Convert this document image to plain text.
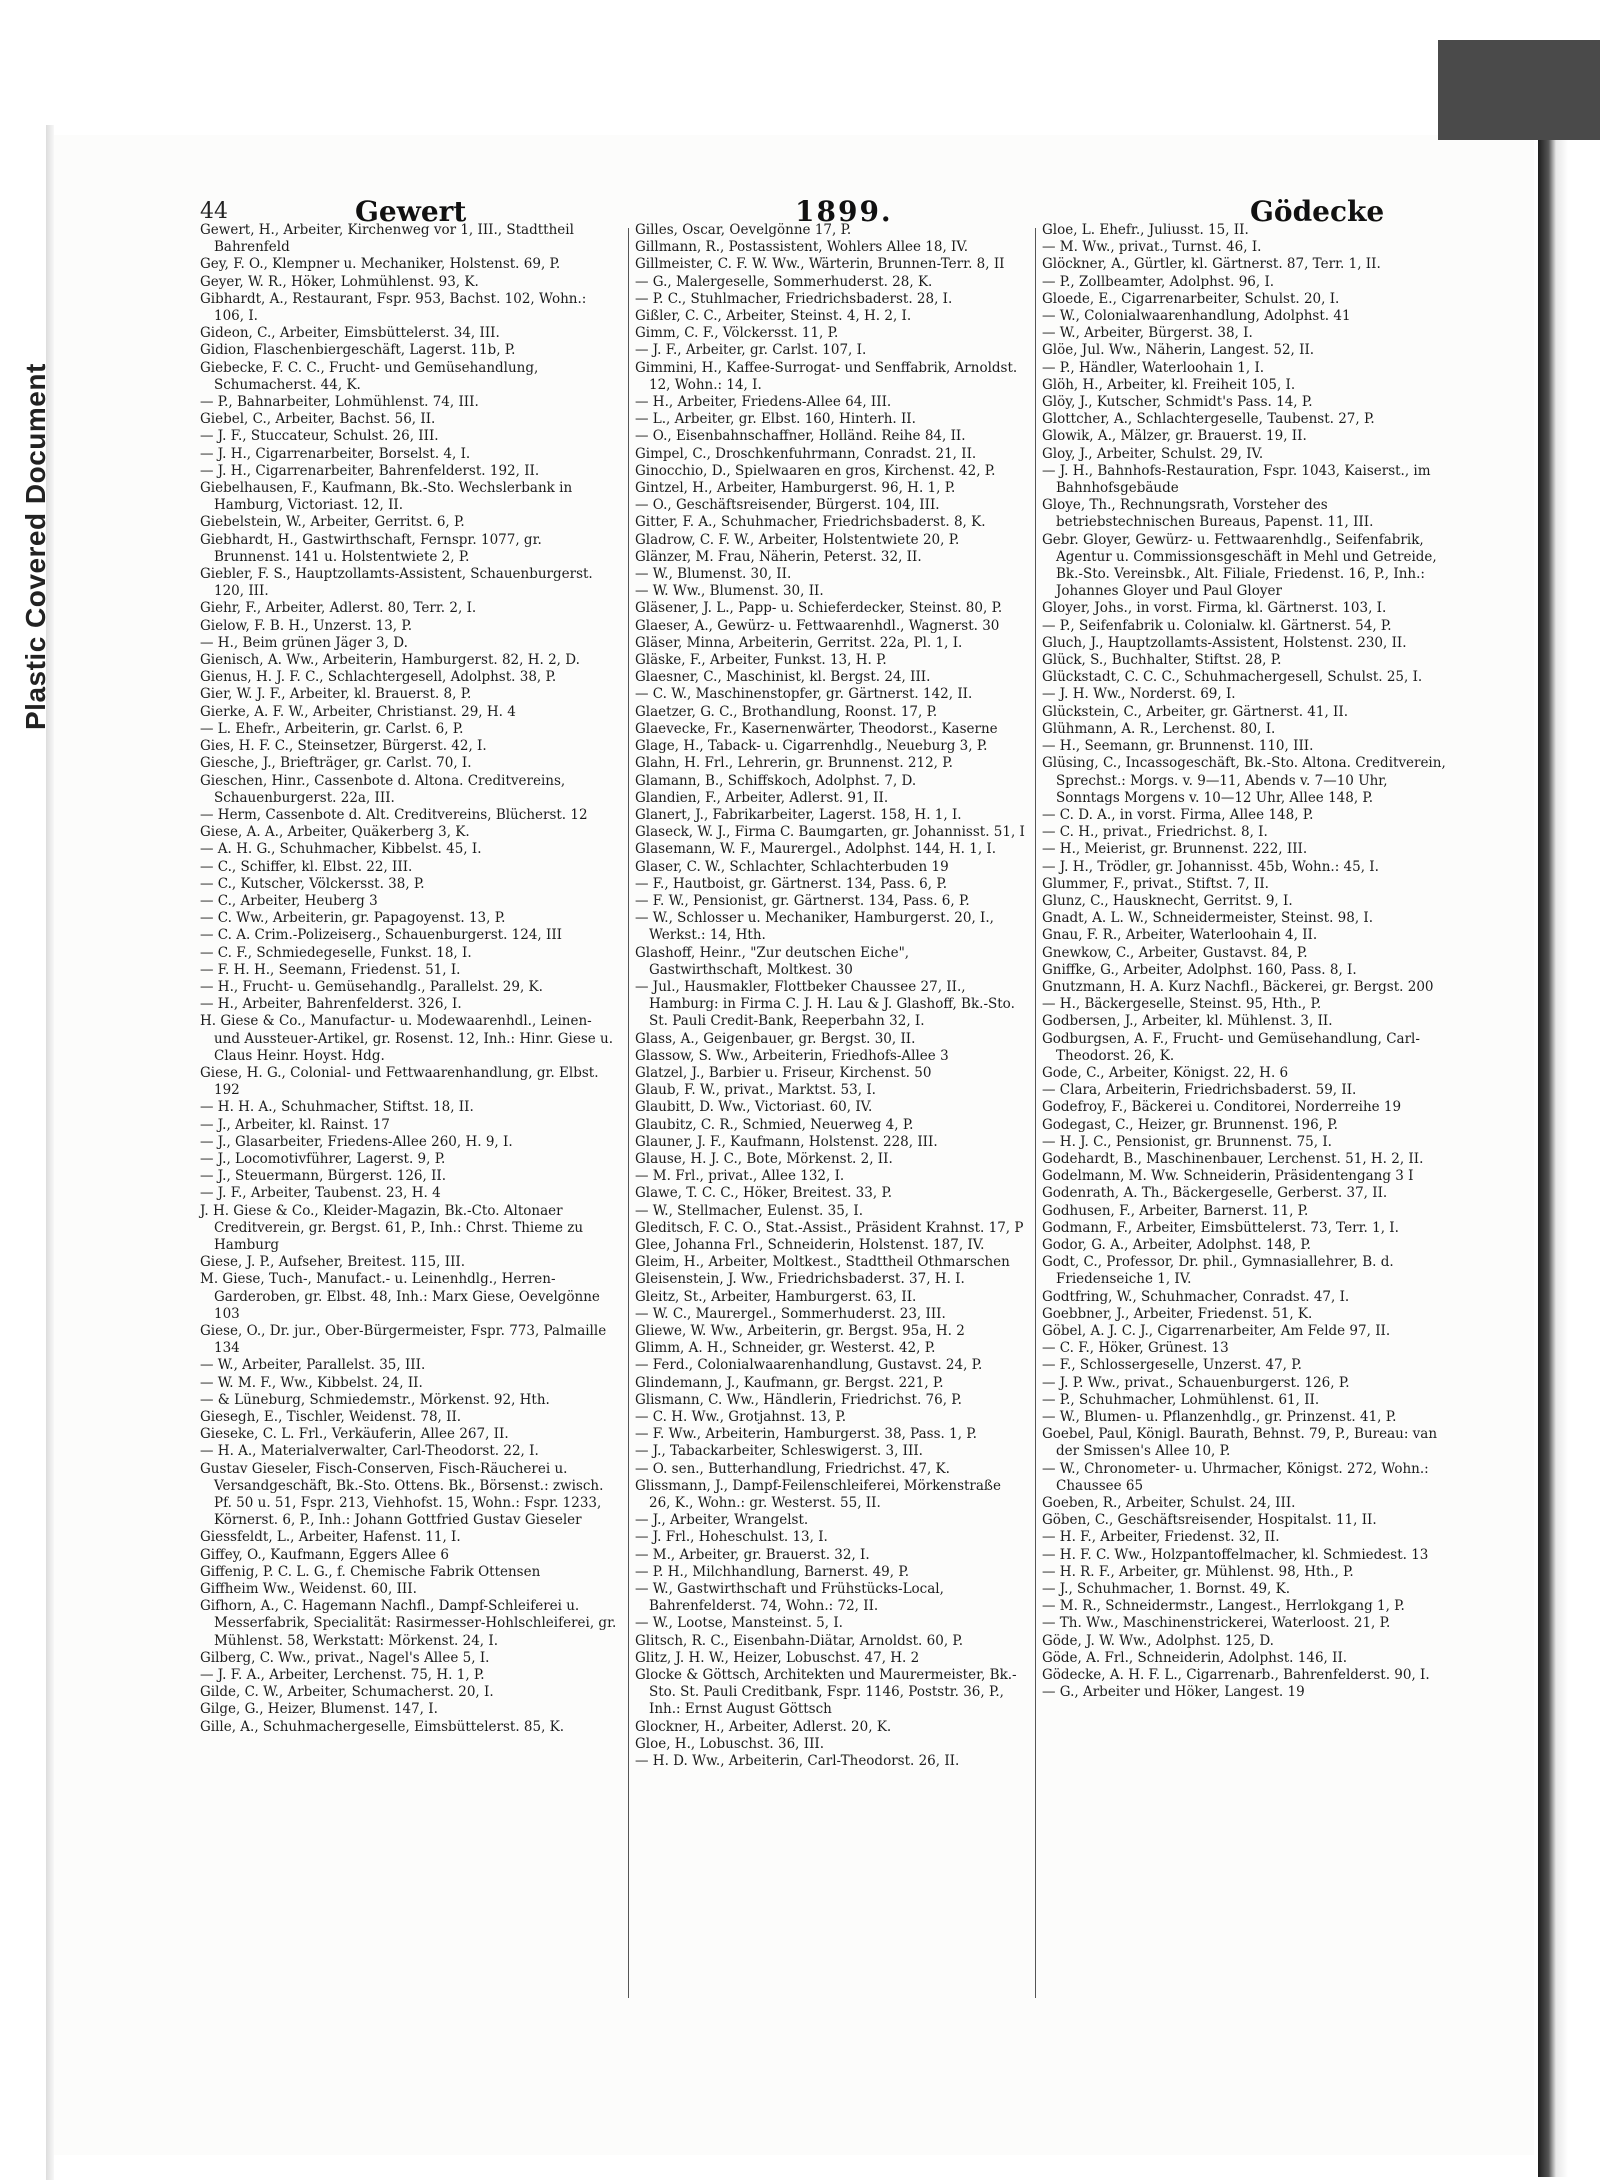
Plastic Covered Document
44	Gewert	1899.	Gödecke

Gewert, H., Arbeiter, Kirchenweg vor 1, III., Stadttheil Bahrenfeld

Gey, F. O., Klempner u. Mechaniker, Holstenst. 69, P.

Geyer, W. R., Höker, Lohmühlenst. 93, K.

Gibhardt, A., Restaurant, Fspr. 953, Bachst. 102, Wohn.: 106, I.

Gideon, C., Arbeiter, Eimsbüttelerst. 34, III.

Gidion, Flaschenbiergeschäft, Lagerst. 11b, P.

Giebecke, F. C. C., Frucht- und Gemüsehandlung, Schumacherst. 44, K.

— P., Bahnarbeiter, Lohmühlenst. 74, III.

Giebel, C., Arbeiter, Bachst. 56, II.

— J. F., Stuccateur, Schulst. 26, III.

— J. H., Cigarrenarbeiter, Borselst. 4, I.

— J. H., Cigarrenarbeiter, Bahrenfelderst. 192, II.

Giebelhausen, F., Kaufmann, Bk.-Sto. Wechslerbank in Hamburg, Victoriast. 12, II.

Giebelstein, W., Arbeiter, Gerritst. 6, P.

Giebhardt, H., Gastwirthschaft, Fernspr. 1077, gr. Brunnenst. 141 u. Holstentwiete 2, P.

Giebler, F. S., Hauptzollamts-Assistent, Schauenburgerst. 120, III.

Giehr, F., Arbeiter, Adlerst. 80, Terr. 2, I.

Gielow, F. B. H., Unzerst. 13, P.

— H., Beim grünen Jäger 3, D.

Gienisch, A. Ww., Arbeiterin, Hamburgerst. 82, H. 2, D.

Gienus, H. J. F. C., Schlachtergesell, Adolphst. 38, P.

Gier, W. J. F., Arbeiter, kl. Brauerst. 8, P.

Gierke, A. F. W., Arbeiter, Christianst. 29, H. 4

— L. Ehefr., Arbeiterin, gr. Carlst. 6, P.

Gies, H. F. C., Steinsetzer, Bürgerst. 42, I.

Giesche, J., Briefträger, gr. Carlst. 70, I.

Gieschen, Hinr., Cassenbote d. Altona. Creditvereins, Schauenburgerst. 22a, III.

— Herm, Cassenbote d. Alt. Creditvereins, Blücherst. 12

Giese, A. A., Arbeiter, Quäkerberg 3, K.

— A. H. G., Schuhmacher, Kibbelst. 45, I.

— C., Schiffer, kl. Elbst. 22, III.

— C., Kutscher, Völckersst. 38, P.

— C., Arbeiter, Heuberg 3

— C. Ww., Arbeiterin, gr. Papagoyenst. 13, P.

— C. A. Crim.-Polizeiserg., Schauenburgerst. 124, III

— C. F., Schmiedegeselle, Funkst. 18, I.

— F. H. H., Seemann, Friedenst. 51, I.

— H., Frucht- u. Gemüsehandlg., Parallelst. 29, K.

— H., Arbeiter, Bahrenfelderst. 326, I.

H. Giese & Co., Manufactur- u. Modewaarenhdl., Leinen- und Aussteuer-Artikel, gr. Rosenst. 12, Inh.: Hinr. Giese u. Claus Heinr. Hoyst. Hdg.

Giese, H. G., Colonial- und Fettwaarenhandlung, gr. Elbst. 192

— H. H. A., Schuhmacher, Stiftst. 18, II.

— J., Arbeiter, kl. Rainst. 17

— J., Glasarbeiter, Friedens-Allee 260, H. 9, I.

— J., Locomotivführer, Lagerst. 9, P.

— J., Steuermann, Bürgerst. 126, II.

— J. F., Arbeiter, Taubenst. 23, H. 4

J. H. Giese & Co., Kleider-Magazin, Bk.-Cto. Altonaer Creditverein, gr. Bergst. 61, P., Inh.: Chrst. Thieme zu Hamburg

Giese, J. P., Aufseher, Breitest. 115, III.

M. Giese, Tuch-, Manufact.- u. Leinenhdlg., Herren-Garderoben, gr. Elbst. 48, Inh.: Marx Giese, Oevelgönne 103

Giese, O., Dr. jur., Ober-Bürgermeister, Fspr. 773, Palmaille 134

— W., Arbeiter, Parallelst. 35, III.

— W. M. F., Ww., Kibbelst. 24, II.

— & Lüneburg, Schmiedemstr., Mörkenst. 92, Hth.

Giesegh, E., Tischler, Weidenst. 78, II.

Gieseke, C. L. Frl., Verkäuferin, Allee 267, II.

— H. A., Materialverwalter, Carl-Theodorst. 22, I.

Gustav Gieseler, Fisch-Conserven, Fisch-Räucherei u. Versandgeschäft, Bk.-Sto. Ottens. Bk., Börsenst.: zwisch. Pf. 50 u. 51, Fspr. 213, Viehhofst. 15, Wohn.: Fspr. 1233, Körnerst. 6, P., Inh.: Johann Gottfried Gustav Gieseler

Giessfeldt, L., Arbeiter, Hafenst. 11, I.

Giffey, O., Kaufmann, Eggers Allee 6

Giffenig, P. C. L. G., f. Chemische Fabrik Ottensen

Giffheim Ww., Weidenst. 60, III.

Gifhorn, A., C. Hagemann Nachfl., Dampf-Schleiferei u. Messerfabrik, Specialität: Rasirmesser-Hohlschleiferei, gr. Mühlenst. 58, Werkstatt: Mörkenst. 24, I.

Gilberg, C. Ww., privat., Nagel's Allee 5, I.

— J. F. A., Arbeiter, Lerchenst. 75, H. 1, P.

Gilde, C. W., Arbeiter, Schumacherst. 20, I.

Gilge, G., Heizer, Blumenst. 147, I.

Gille, A., Schuhmachergeselle, Eimsbüttelerst. 85, K.

Gilles, Oscar, Oevelgönne 17, P.

Gillmann, R., Postassistent, Wohlers Allee 18, IV.

Gillmeister, C. F. W. Ww., Wärterin, Brunnen-Terr. 8, II

— G., Malergeselle, Sommerhuderst. 28, K.

— P. C., Stuhlmacher, Friedrichsbaderst. 28, I.

Gißler, C. C., Arbeiter, Steinst. 4, H. 2, I.

Gimm, C. F., Völckersst. 11, P.

— J. F., Arbeiter, gr. Carlst. 107, I.

Gimmini, H., Kaffee-Surrogat- und Senffabrik, Arnoldst. 12, Wohn.: 14, I.

— H., Arbeiter, Friedens-Allee 64, III.

— L., Arbeiter, gr. Elbst. 160, Hinterh. II.

— O., Eisenbahnschaffner, Holländ. Reihe 84, II.

Gimpel, C., Droschkenfuhrmann, Conradst. 21, II.

Ginocchio, D., Spielwaaren en gros, Kirchenst. 42, P.

Gintzel, H., Arbeiter, Hamburgerst. 96, H. 1, P.

— O., Geschäftsreisender, Bürgerst. 104, III.

Gitter, F. A., Schuhmacher, Friedrichsbaderst. 8, K.

Gladrow, C. F. W., Arbeiter, Holstentwiete 20, P.

Glänzer, M. Frau, Näherin, Peterst. 32, II.

— W., Blumenst. 30, II.

— W. Ww., Blumenst. 30, II.

Gläsener, J. L., Papp- u. Schieferdecker, Steinst. 80, P.

Glaeser, A., Gewürz- u. Fettwaarenhdl., Wagnerst. 30

Gläser, Minna, Arbeiterin, Gerritst. 22a, Pl. 1, I.

Gläske, F., Arbeiter, Funkst. 13, H. P.

Glaesner, C., Maschinist, kl. Bergst. 24, III.

— C. W., Maschinenstopfer, gr. Gärtnerst. 142, II.

Glaetzer, G. C., Brothandlung, Roonst. 17, P.

Glaevecke, Fr., Kasernenwärter, Theodorst., Kaserne

Glage, H., Taback- u. Cigarrenhdlg., Neueburg 3, P.

Glahn, H. Frl., Lehrerin, gr. Brunnenst. 212, P.

Glamann, B., Schiffskoch, Adolphst. 7, D.

Glandien, F., Arbeiter, Adlerst. 91, II.

Glanert, J., Fabrikarbeiter, Lagerst. 158, H. 1, I.

Glaseck, W. J., Firma C. Baumgarten, gr. Johannisst. 51, I

Glasemann, W. F., Maurergel., Adolphst. 144, H. 1, I.

Glaser, C. W., Schlachter, Schlachterbuden 19

— F., Hautboist, gr. Gärtnerst. 134, Pass. 6, P.

— F. W., Pensionist, gr. Gärtnerst. 134, Pass. 6, P.

— W., Schlosser u. Mechaniker, Hamburgerst. 20, I., Werkst.: 14, Hth.

Glashoff, Heinr., "Zur deutschen Eiche", Gastwirthschaft, Moltkest. 30

— Jul., Hausmakler, Flottbeker Chaussee 27, II., Hamburg: in Firma C. J. H. Lau & J. Glashoff, Bk.-Sto. St. Pauli Credit-Bank, Reeperbahn 32, I.

Glass, A., Geigenbauer, gr. Bergst. 30, II.

Glassow, S. Ww., Arbeiterin, Friedhofs-Allee 3

Glatzel, J., Barbier u. Friseur, Kirchenst. 50

Glaub, F. W., privat., Marktst. 53, I.

Glaubitt, D. Ww., Victoriast. 60, IV.

Glaubitz, C. R., Schmied, Neuerweg 4, P.

Glauner, J. F., Kaufmann, Holstenst. 228, III.

Glause, H. J. C., Bote, Mörkenst. 2, II.

— M. Frl., privat., Allee 132, I.

Glawe, T. C. C., Höker, Breitest. 33, P.

— W., Stellmacher, Eulenst. 35, I.

Gleditsch, F. C. O., Stat.-Assist., Präsident Krahnst. 17, P

Glee, Johanna Frl., Schneiderin, Holstenst. 187, IV.

Gleim, H., Arbeiter, Moltkest., Stadttheil Othmarschen

Gleisenstein, J. Ww., Friedrichsbaderst. 37, H. I.

Gleitz, St., Arbeiter, Hamburgerst. 63, II.

— W. C., Maurergel., Sommerhuderst. 23, III.

Gliewe, W. Ww., Arbeiterin, gr. Bergst. 95a, H. 2

Glimm, A. H., Schneider, gr. Westerst. 42, P.

— Ferd., Colonialwaarenhandlung, Gustavst. 24, P.

Glindemann, J., Kaufmann, gr. Bergst. 221, P.

Glismann, C. Ww., Händlerin, Friedrichst. 76, P.

— C. H. Ww., Grotjahnst. 13, P.

— F. Ww., Arbeiterin, Hamburgerst. 38, Pass. 1, P.

— J., Tabackarbeiter, Schleswigerst. 3, III.

— O. sen., Butterhandlung, Friedrichst. 47, K.

Glissmann, J., Dampf-Feilenschleiferei, Mörkenstraße 26, K., Wohn.: gr. Westerst. 55, II.

— J., Arbeiter, Wrangelst.

— J. Frl., Hoheschulst. 13, I.

— M., Arbeiter, gr. Brauerst. 32, I.

— P. H., Milchhandlung, Barnerst. 49, P.

— W., Gastwirthschaft und Frühstücks-Local, Bahrenfelderst. 74, Wohn.: 72, II.

— W., Lootse, Mansteinst. 5, I.

Glitsch, R. C., Eisenbahn-Diätar, Arnoldst. 60, P.

Glitz, J. H. W., Heizer, Lobuschst. 47, H. 2

Glocke & Göttsch, Architekten und Maurermeister, Bk.-Sto. St. Pauli Creditbank, Fspr. 1146, Poststr. 36, P., Inh.: Ernst August Göttsch

Glockner, H., Arbeiter, Adlerst. 20, K.

Gloe, H., Lobuschst. 36, III.

— H. D. Ww., Arbeiterin, Carl-Theodorst. 26, II.

Gloe, L. Ehefr., Juliusst. 15, II.

— M. Ww., privat., Turnst. 46, I.

Glöckner, A., Gürtler, kl. Gärtnerst. 87, Terr. 1, II.

— P., Zollbeamter, Adolphst. 96, I.

Gloede, E., Cigarrenarbeiter, Schulst. 20, I.

— W., Colonialwaarenhandlung, Adolphst. 41

— W., Arbeiter, Bürgerst. 38, I.

Glöe, Jul. Ww., Näherin, Langest. 52, II.

— P., Händler, Waterloohain 1, I.

Glöh, H., Arbeiter, kl. Freiheit 105, I.

Glöy, J., Kutscher, Schmidt's Pass. 14, P.

Glottcher, A., Schlachtergeselle, Taubenst. 27, P.

Glowik, A., Mälzer, gr. Brauerst. 19, II.

Gloy, J., Arbeiter, Schulst. 29, IV.

— J. H., Bahnhofs-Restauration, Fspr. 1043, Kaiserst., im Bahnhofsgebäude

Gloye, Th., Rechnungsrath, Vorsteher des betriebstechnischen Bureaus, Papenst. 11, III.

Gebr. Gloyer, Gewürz- u. Fettwaarenhdlg., Seifenfabrik, Agentur u. Commissionsgeschäft in Mehl und Getreide, Bk.-Sto. Vereinsbk., Alt. Filiale, Friedenst. 16, P., Inh.: Johannes Gloyer und Paul Gloyer

Gloyer, Johs., in vorst. Firma, kl. Gärtnerst. 103, I.

— P., Seifenfabrik u. Colonialw. kl. Gärtnerst. 54, P.

Gluch, J., Hauptzollamts-Assistent, Holstenst. 230, II.

Glück, S., Buchhalter, Stiftst. 28, P.

Glückstadt, C. C. C., Schuhmachergesell, Schulst. 25, I.

— J. H. Ww., Norderst. 69, I.

Glückstein, C., Arbeiter, gr. Gärtnerst. 41, II.

Glühmann, A. R., Lerchenst. 80, I.

— H., Seemann, gr. Brunnenst. 110, III.

Glüsing, C., Incassogeschäft, Bk.-Sto. Altona. Creditverein, Sprechst.: Morgs. v. 9—11, Abends v. 7—10 Uhr, Sonntags Morgens v. 10—12 Uhr, Allee 148, P.

— C. D. A., in vorst. Firma, Allee 148, P.

— C. H., privat., Friedrichst. 8, I.

— H., Meierist, gr. Brunnenst. 222, III.

— J. H., Trödler, gr. Johannisst. 45b, Wohn.: 45, I.

Glummer, F., privat., Stiftst. 7, II.

Glunz, C., Hausknecht, Gerritst. 9, I.

Gnadt, A. L. W., Schneidermeister, Steinst. 98, I.

Gnau, F. R., Arbeiter, Waterloohain 4, II.

Gnewkow, C., Arbeiter, Gustavst. 84, P.

Gniffke, G., Arbeiter, Adolphst. 160, Pass. 8, I.

Gnutzmann, H. A. Kurz Nachfl., Bäckerei, gr. Bergst. 200

— H., Bäckergeselle, Steinst. 95, Hth., P.

Godbersen, J., Arbeiter, kl. Mühlenst. 3, II.

Godburgsen, A. F., Frucht- und Gemüsehandlung, Carl-Theodorst. 26, K.

Gode, C., Arbeiter, Königst. 22, H. 6

— Clara, Arbeiterin, Friedrichsbaderst. 59, II.

Godefroy, F., Bäckerei u. Conditorei, Norderreihe 19

Godegast, C., Heizer, gr. Brunnenst. 196, P.

— H. J. C., Pensionist, gr. Brunnenst. 75, I.

Godehardt, B., Maschinenbauer, Lerchenst. 51, H. 2, II.

Godelmann, M. Ww. Schneiderin, Präsidentengang 3 I

Godenrath, A. Th., Bäckergeselle, Gerberst. 37, II.

Godhusen, F., Arbeiter, Barnerst. 11, P.

Godmann, F., Arbeiter, Eimsbüttelerst. 73, Terr. 1, I.

Godor, G. A., Arbeiter, Adolphst. 148, P.

Godt, C., Professor, Dr. phil., Gymnasiallehrer, B. d. Friedenseiche 1, IV.

Godtfring, W., Schuhmacher, Conradst. 47, I.

Goebbner, J., Arbeiter, Friedenst. 51, K.

Göbel, A. J. C. J., Cigarrenarbeiter, Am Felde 97, II.

— C. F., Höker, Grünest. 13

— F., Schlossergeselle, Unzerst. 47, P.

— J. P. Ww., privat., Schauenburgerst. 126, P.

— P., Schuhmacher, Lohmühlenst. 61, II.

— W., Blumen- u. Pflanzenhdlg., gr. Prinzenst. 41, P.

Goebel, Paul, Königl. Baurath, Behnst. 79, P., Bureau: van der Smissen's Allee 10, P.

— W., Chronometer- u. Uhrmacher, Königst. 272, Wohn.: Chaussee 65

Goeben, R., Arbeiter, Schulst. 24, III.

Göben, C., Geschäftsreisender, Hospitalst. 11, II.

— H. F., Arbeiter, Friedenst. 32, II.

— H. F. C. Ww., Holzpantoffelmacher, kl. Schmiedest. 13

— H. R. F., Arbeiter, gr. Mühlenst. 98, Hth., P.

— J., Schuhmacher, 1. Bornst. 49, K.

— M. R., Schneidermstr., Langest., Herrlokgang 1, P.

— Th. Ww., Maschinenstrickerei, Waterloost. 21, P.

Göde, J. W. Ww., Adolphst. 125, D.

Göde, A. Frl., Schneiderin, Adolphst. 146, II.

Gödecke, A. H. F. L., Cigarrenarb., Bahrenfelderst. 90, I.

— G., Arbeiter und Höker, Langest. 19
